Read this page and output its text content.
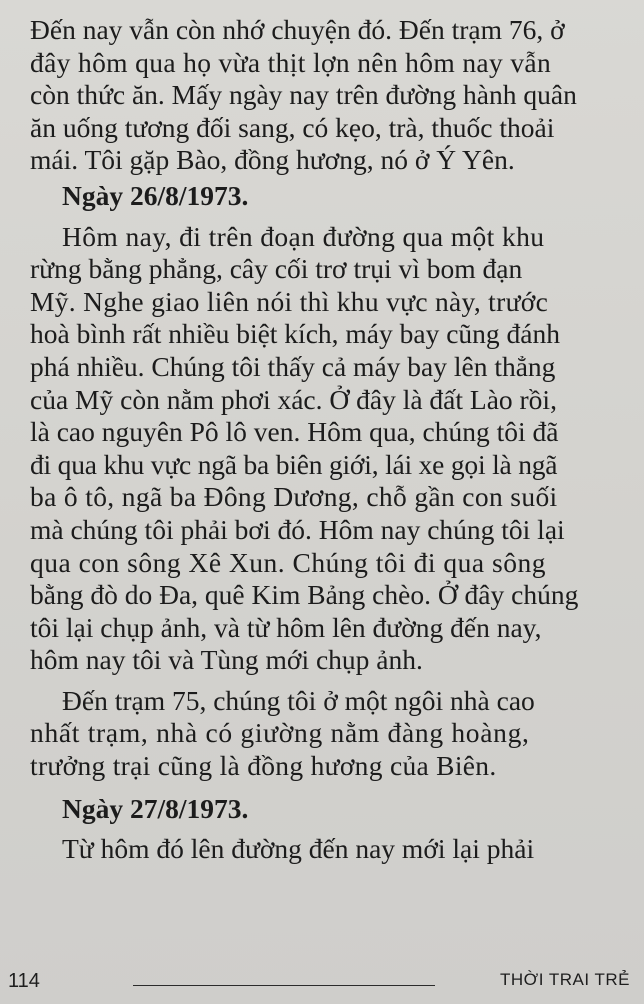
Đến nay vẫn còn nhớ chuyện đó. Đến trạm 76, ở
đây hôm qua họ vừa thịt lợn nên hôm nay vẫn
còn thức ăn. Mấy ngày nay trên đường hành quân
ăn uống tương đối sang, có kẹo, trà, thuốc thoải
mái. Tôi gặp Bào, đồng hương, nó ở Ý Yên.
Ngày 26/8/1973.
Hôm nay, đi trên đoạn đường qua một khu
rừng bằng phẳng, cây cối trơ trụi vì bom đạn
Mỹ. Nghe giao liên nói thì khu vực này, trước
hoà bình rất nhiều biệt kích, máy bay cũng đánh
phá nhiều. Chúng tôi thấy cả máy bay lên thẳng
của Mỹ còn nằm phơi xác. Ở đây là đất Lào rồi,
là cao nguyên Pô lô ven. Hôm qua, chúng tôi đã
đi qua khu vực ngã ba biên giới, lái xe gọi là ngã
ba ô tô, ngã ba Đông Dương, chỗ gần con suối
mà chúng tôi phải bơi đó. Hôm nay chúng tôi lại
qua con sông Xê Xun. Chúng tôi đi qua sông
bằng đò do Đa, quê Kim Bảng chèo. Ở đây chúng
tôi lại chụp ảnh, và từ hôm lên đường đến nay,
hôm nay tôi và Tùng mới chụp ảnh.
Đến trạm 75, chúng tôi ở một ngôi nhà cao
nhất trạm, nhà có giường nằm đàng hoàng,
trưởng trại cũng là đồng hương của Biên.
Ngày 27/8/1973.
Từ hôm đó lên đường đến nay mới lại phải
114	THỜI TRAI TRẺ
